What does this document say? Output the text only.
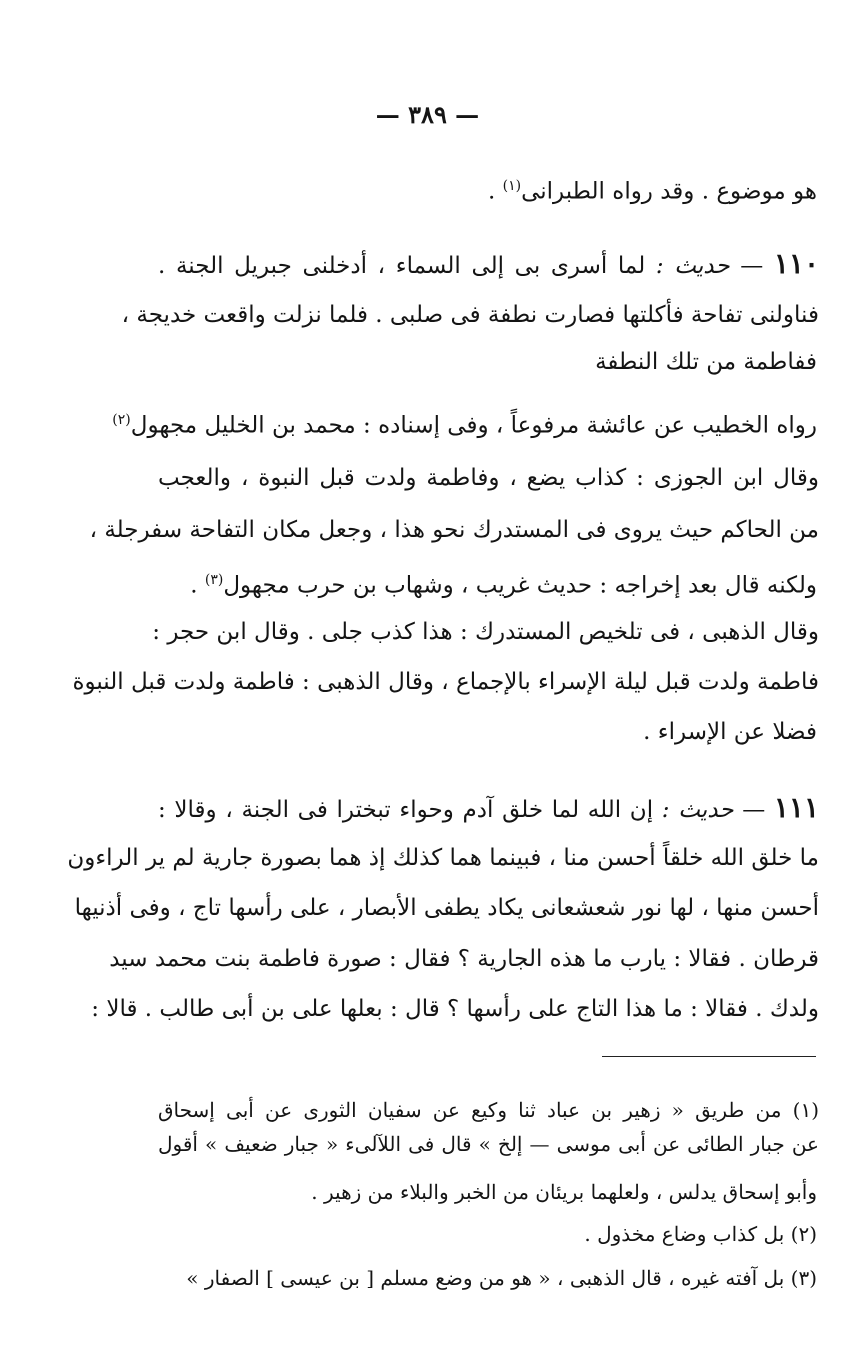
— ٣٨٩ —
هو موضوع . وقد رواه الطبرانى$^{(١)}$ .
١١٠ — حديث : لما أسرى بى إلى السماء ، أدخلنى جبريل الجنة .
فناولنى تفاحة فأكلتها فصارت نطفة فى صلبى . فلما نزلت واقعت خديجة ،
ففاطمة من تلك النطفة
رواه الخطيب عن عائشة مرفوعاً ، وفى إسناده : محمد بن الخليل مجهول$^{(٢)}$
وقال ابن الجوزى : كذاب يضع ، وفاطمة ولدت قبل النبوة ، والعجب
من الحاكم حيث يروى فى المستدرك نحو هذا ، وجعل مكان التفاحة سفرجلة ،
ولكنه قال بعد إخراجه : حديث غريب ، وشهاب بن حرب مجهول$^{(٣)}$ .
وقال الذهبى ، فى تلخيص المستدرك : هذا كذب جلى . وقال ابن حجر :
فاطمة ولدت قبل ليلة الإسراء بالإجماع ، وقال الذهبى : فاطمة ولدت قبل النبوة
فضلا عن الإسراء .
١١١ — حديث : إن الله لما خلق آدم وحواء تبخترا فى الجنة ، وقالا :
ما خلق الله خلقاً أحسن منا ، فبينما هما كذلك إذ هما بصورة جارية لم ير الراءون
أحسن منها ، لها نور شعشعانى يكاد يطفى الأبصار ، على رأسها تاج ، وفى أذنيها
قرطان . فقالا : يارب ما هذه الجارية ؟ فقال : صورة فاطمة بنت محمد سيد
ولدك . فقالا : ما هذا التاج على رأسها ؟ قال : بعلها على بن أبى طالب . قالا :
(١) من طريق « زهير بن عباد ثنا وكيع عن سفيان الثورى عن أبى إسحاق
عن جبار الطائى عن أبى موسى — إلخ » قال فى اللآلىء « جبار ضعيف » أقول
وأبو إسحاق يدلس ، ولعلهما بريئان من الخبر والبلاء من زهير .
(٢) بل كذاب وضاع مخذول .
(٣) بل آفته غيره ، قال الذهبى ، « هو من وضع مسلم [ بن عيسى ] الصفار »
